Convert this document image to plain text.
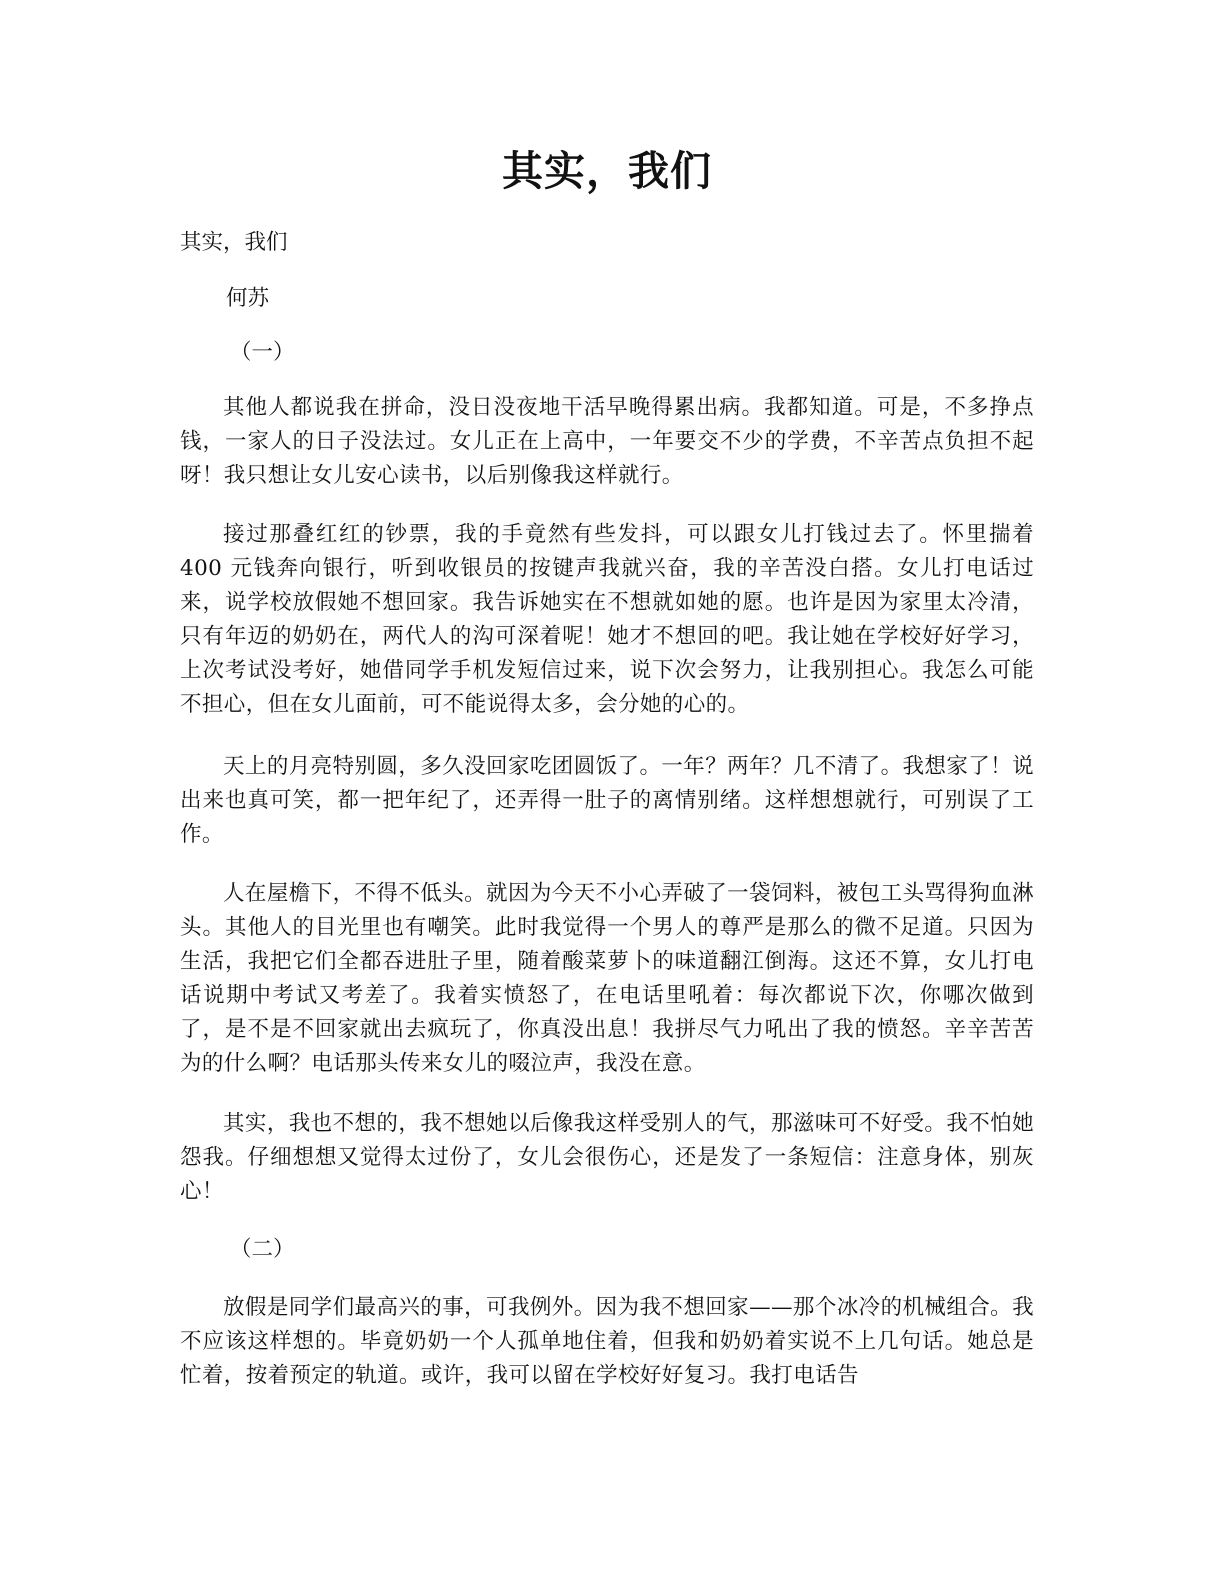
其实，我们

其实，我们

何苏

（一）

其他人都说我在拼命，没日没夜地干活早晚得累出病。我都知道。可是，不多挣点钱，一家人的日子没法过。女儿正在上高中，一年要交不少的学费，不辛苦点负担不起呀！我只想让女儿安心读书，以后别像我这样就行。

接过那叠红红的钞票，我的手竟然有些发抖，可以跟女儿打钱过去了。怀里揣着 400 元钱奔向银行，听到收银员的按键声我就兴奋，我的辛苦没白搭。女儿打电话过来，说学校放假她不想回家。我告诉她实在不想就如她的愿。也许是因为家里太冷清，只有年迈的奶奶在，两代人的沟可深着呢！她才不想回的吧。我让她在学校好好学习，上次考试没考好，她借同学手机发短信过来，说下次会努力，让我别担心。我怎么可能不担心，但在女儿面前，可不能说得太多，会分她的心的。

天上的月亮特别圆，多久没回家吃团圆饭了。一年？两年？几不清了。我想家了！说出来也真可笑，都一把年纪了，还弄得一肚子的离情别绪。这样想想就行，可别误了工作。

人在屋檐下，不得不低头。就因为今天不小心弄破了一袋饲料，被包工头骂得狗血淋头。其他人的目光里也有嘲笑。此时我觉得一个男人的尊严是那么的微不足道。只因为生活，我把它们全都吞进肚子里，随着酸菜萝卜的味道翻江倒海。这还不算，女儿打电话说期中考试又考差了。我着实愤怒了，在电话里吼着：每次都说下次，你哪次做到了，是不是不回家就出去疯玩了，你真没出息！我拼尽气力吼出了我的愤怒。辛辛苦苦为的什么啊？电话那头传来女儿的啜泣声，我没在意。

其实，我也不想的，我不想她以后像我这样受别人的气，那滋味可不好受。我不怕她怨我。仔细想想又觉得太过份了，女儿会很伤心，还是发了一条短信：注意身体，别灰心！

（二）

放假是同学们最高兴的事，可我例外。因为我不想回家——那个冰冷的机械组合。我不应该这样想的。毕竟奶奶一个人孤单地住着，但我和奶奶着实说不上几句话。她总是忙着，按着预定的轨道。或许，我可以留在学校好好复习。我打电话告
